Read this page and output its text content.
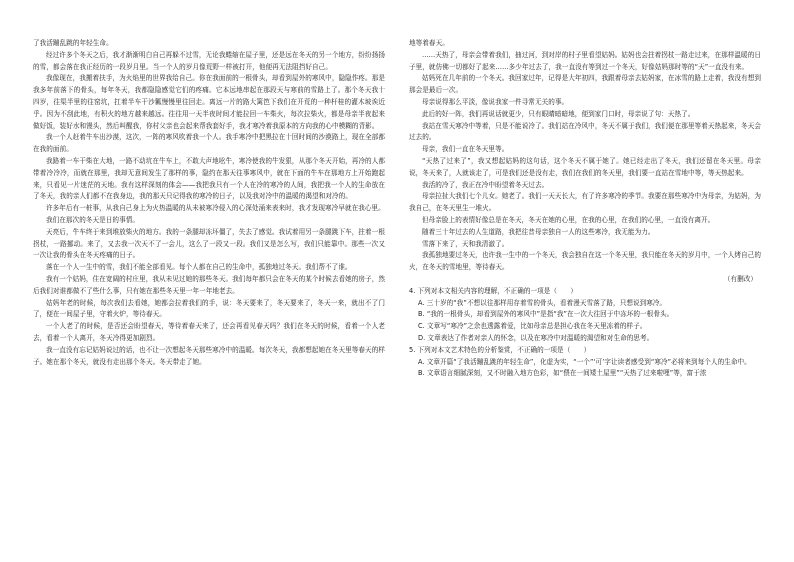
了我活蹦乱跳的年轻生命。

经过许多个冬天之后，我才渐渐明白自己再躲不过雪，无论我蜷缩在屋子里，还是远在冬天的另一个地方，纷纷扬扬的雪，都会落在我正经历的一段岁月里。当一个人的岁月像荒野一样被打开，他便再无法阻挡好自己。

我像现在，我搬着扶手，为火焰里的世界我给自己。你在我面前的一根骨头，却看到屋外的寒风中，隐隐作疼。那是我多年前落下的骨头，每年冬天，我都隐隐感觉它们的疼痛。它本远地串起在那段天与寒前的雪路上了。那个冬天我十四岁，往渠半里的往窑坑，扛着半车干沙瓤慢慢里往回走。离远一片的路大篱笆下我们在开荒的一种杆桂的灌木坡诶近乎。因为不刮此地，有积火的地方越来越远。往往用一天半夜时间才能拉回一车柴火，每次拉柴火，都是母亲半夜起来做好饭，装好水和馒头，然后叫醒我，你村父亲也会起来帮我套好手，我才寒冷着我原本的方向我的心中模糊的背影。

我一个人赶着牛车出沙漠，这次，一阵的寒风吹着我一个人。我手寒冷中把黑拉在十回时间的沙漠路上，现在全部都在我的面前。

我路着一车干柴在大地，一路不动坑在牛车上，不敢大声地吆牛，寒冷使我的牛发狠，从那个冬天开始，再冷的人都带着冷冷冷，而就在那里，我却无意间发生了那样的事，隐约在那天往事寒风中，就在下面的牛车在那地方上开始跑起来，只看见一片迷茫的天地。我有这样深刻的体会——我把我只有一个人在冷的寒冷的人间，我把我一个人的生命放在了冬天，我的亲人们都不在我身边，我的那天只记得我的寒冷的日子，以及我对冷中的温暖的渴望和对冷的。

许多年后有一桩事，从我自己身上为火热温暖的从未被寒冷侵入的心深处涌来表来时，我才发现寒冷早就在我心里。

我们在那次的冬天是日的事情。

天亮后，牛车终于来到堆放柴火的地方。我的一条腿却冻坏僵了，失去了感觉。我试着用另一条腿跳下车，拄着一根拐杖，一路挪动。来了，又去我一次天不了一会儿，这么了一段又一段。我们又是怎么写，我们只能靠中。那些一次又一次让我的骨头在冬天疼痛的日子。

落在一个人一生中的雪，我们不能全部看见。每个人都在自己的生命中，孤独地过冬天。我们帮不了谁。

我有一个姑妈，住在宽阔的村庄里，我从未见过她的那些冬天。我们每年都只会在冬天的某个时候去看她的房子，然后我们对谁都做不了些什么事，只有她在那些冬天里一年一年地老去。

姑妈年老的时候，每次我们去看她，她都会拉着我们的手，说：冬天要来了，冬天要来了，冬天一来，就出不了门了，便在一间屋子里，守着火炉，等待春天。

一个人老了的时候，是否还会盼望春天，等待着春天来了，还会再看见春天吗？我们在冬天的时候，看着一个人老去，看着一个人离开，冬天冷得更加剧烈。

我一直没有忘记姑妈说过的话，也不让一次想起冬天那些寒冷中的温暖。每次冬天，我都想起她在冬天里等春天的样子。她在那个冬天，就没有走出那个冬天。冬天带走了她。

地等着春天。

……天热了，母亲会带着我们，抽过河，到对岸的村子里看望姑妈。姑妈也会拄着拐杖一路走过来，在那样温暖的日子里，就仿佛一切都好了起来……多少年过去了，我一直没有等到过一个冬天，好像姑妈那时等的“天”一直没有来。

姑妈死在几年前的一个冬天。我回家过年，记得是大年初四，我跟着母亲去姑妈家，在冰雪的路上走着，我没有想到那会是最后一次。

母亲说得那么平淡，像说我家一件寻常无关的事。

此后的好一阵，我们再说话就更少，只有眼睛暗暗地，便到家门口时，母亲说了句：天热了。

我站在雪天寒冷中等着，只是不能说冷了。我们站在冷风中，冬天不属于我们，我们便在那里等着天热起来，冬天会过去的。

母亲，我们一直在冬天里等。

“天热了过来了”，我又想起姑妈的这句话，这个冬天不属于她了。她已经走出了冬天，我们还留在冬天里。母亲说，冬天来了，人就该走了，可是我们还是没有走，我们在我们的冬天里，我们要一直站在雪地中等，等天热起来。

我活的冷了，我正在冷中盼望着冬天过去。

母亲拉扯大我们七个儿女。她老了。我们一天天长大，有了许多寒冷的季节。我要在那些寒冷中为母亲，为姑妈，为我自己，在冬天里生一堆火。

但母亲脸上的表情好像总是在冬天，冬天在她的心里，在我的心里，在我们的心里，一直没有离开。

随着三十年过去的人生道路，我把往昔母亲独自一人的这些寒冷，我无能为力。

雪落下来了，天和我清澈了。

我孤独地要过冬天，也许我一生中的一个冬天，我会独自在这一个冬天里，我只能在冬天的岁月中，一个人烤自己的火，在冬天的雪地里，等待春天。

（有删改）

4. 下列对本文相关内容的理解，不正确的一项是（　　）

A. 三十岁的“我”不想以往那样用存着雪的骨头，看着漫天雪落了路，只想说到寒冷。

B. “我的一根骨头，却看到屋外的寒风中”是指“我”在一次大往回于中冻坏的一根骨头。

C. 文章写“寒冷”之余也透露着爱，比如母亲总是担心我在冬天里冻着的样子。

D. 文章表达了作者对亲人的怀念，以及在寒冷中对温暖的渴望和对生命的思考。

5. 下列对本文艺术特色的分析鉴赏，不正确的一项是（　　）

A. 文章开篇“了我活蹦乱跳的年轻生命”，化虚为实，“一个”‘可’字让读者感受到“寒冷”必将来到每个人的生命中。

B. 文章语言细腻深刻，又不时融入地方色彩，如“偎在一间矮土屋里”“天热了过来啦哩”等，富于浓
